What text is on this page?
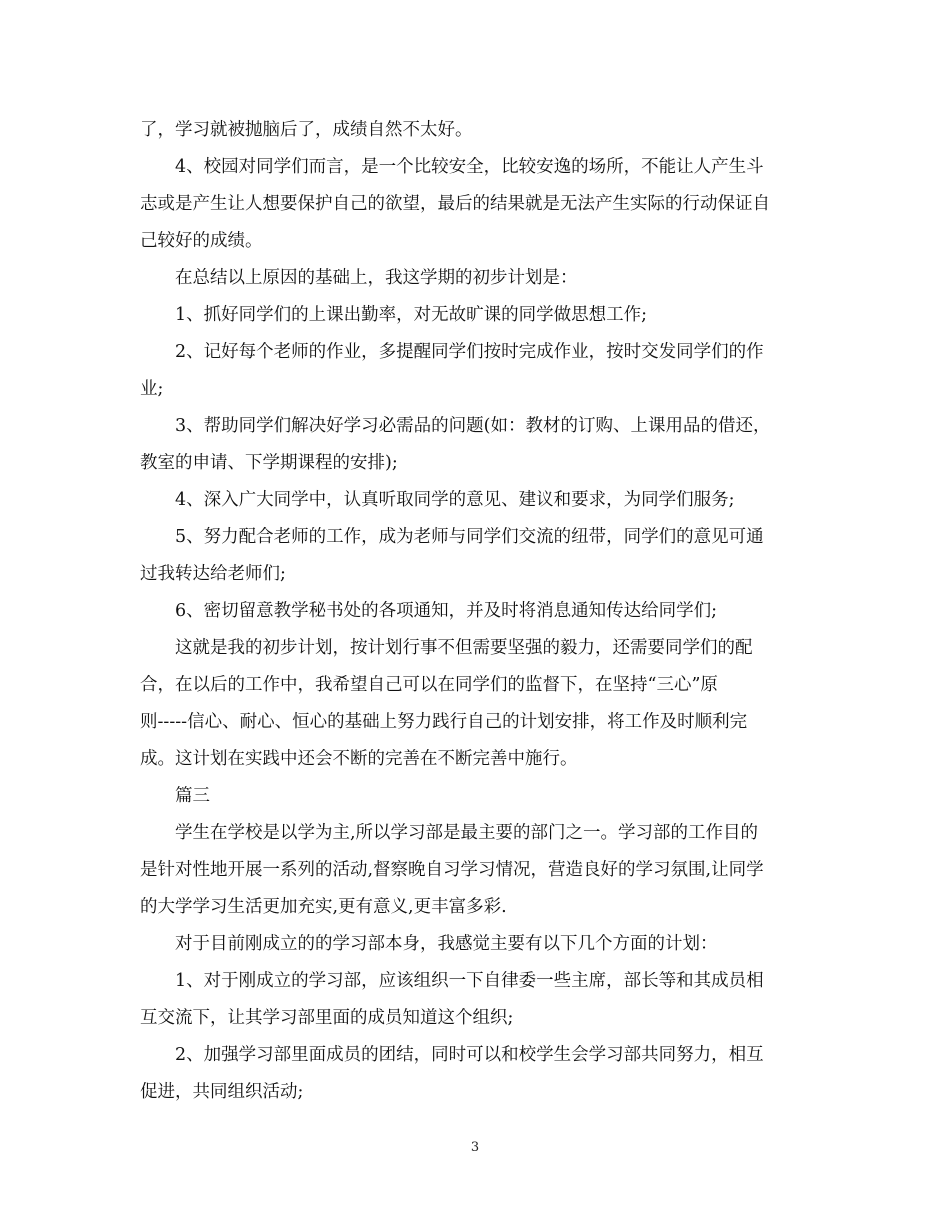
了，学习就被抛脑后了，成绩自然不太好。
4、校园对同学们而言，是一个比较安全，比较安逸的场所，不能让人产生斗
志或是产生让人想要保护自己的欲望，最后的结果就是无法产生实际的行动保证自
己较好的成绩。
在总结以上原因的基础上，我这学期的初步计划是：
1、抓好同学们的上课出勤率，对无故旷课的同学做思想工作;
2、记好每个老师的作业，多提醒同学们按时完成作业，按时交发同学们的作
业;
3、帮助同学们解决好学习必需品的问题(如：教材的订购、上课用品的借还，
教室的申请、下学期课程的安排);
4、深入广大同学中，认真听取同学的意见、建议和要求，为同学们服务;
5、努力配合老师的工作，成为老师与同学们交流的纽带，同学们的意见可通
过我转达给老师们;
6、密切留意教学秘书处的各项通知，并及时将消息通知传达给同学们;
这就是我的初步计划，按计划行事不但需要坚强的毅力，还需要同学们的配
合，在以后的工作中，我希望自己可以在同学们的监督下，在坚持“三心”原
则-----信心、耐心、恒心的基础上努力践行自己的计划安排，将工作及时顺利完
成。这计划在实践中还会不断的完善在不断完善中施行。
篇三
学生在学校是以学为主,所以学习部是最主要的部门之一。学习部的工作目的
是针对性地开展一系列的活动,督察晚自习学习情况，营造良好的学习氛围,让同学
的大学学习生活更加充实,更有意义,更丰富多彩.
对于目前刚成立的的学习部本身，我感觉主要有以下几个方面的计划：
1、对于刚成立的学习部，应该组织一下自律委一些主席，部长等和其成员相
互交流下，让其学习部里面的成员知道这个组织;
2、加强学习部里面成员的团结，同时可以和校学生会学习部共同努力，相互
促进，共同组织活动;
3
